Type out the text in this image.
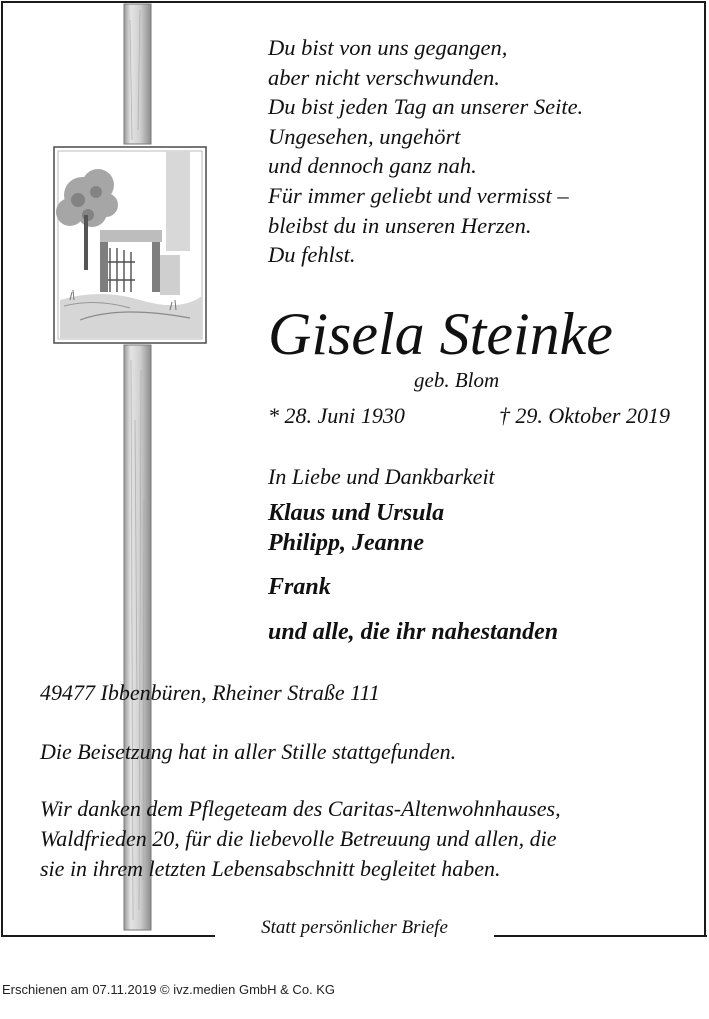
Du bist von uns gegangen,
aber nicht verschwunden.
Du bist jeden Tag an unserer Seite.
Ungesehen, ungehört
und dennoch ganz nah.
Für immer geliebt und vermisst –
bleibst du in unseren Herzen.
Du fehlst.
Gisela Steinke
geb. Blom
* 28. Juni 1930	† 29. Oktober 2019
In Liebe und Dankbarkeit
Klaus und Ursula
Philipp, Jeanne
Frank
und alle, die ihr nahestanden
49477 Ibbenbüren, Rheiner Straße 111
Die Beisetzung hat in aller Stille stattgefunden.
Wir danken dem Pflegeteam des Caritas-Altenwohnhauses,
Waldfrieden 20, für die liebevolle Betreuung und allen, die
sie in ihrem letzten Lebensabschnitt begleitet haben.
Statt persönlicher Briefe
Erschienen am 07.11.2019 © ivz.medien GmbH & Co. KG
